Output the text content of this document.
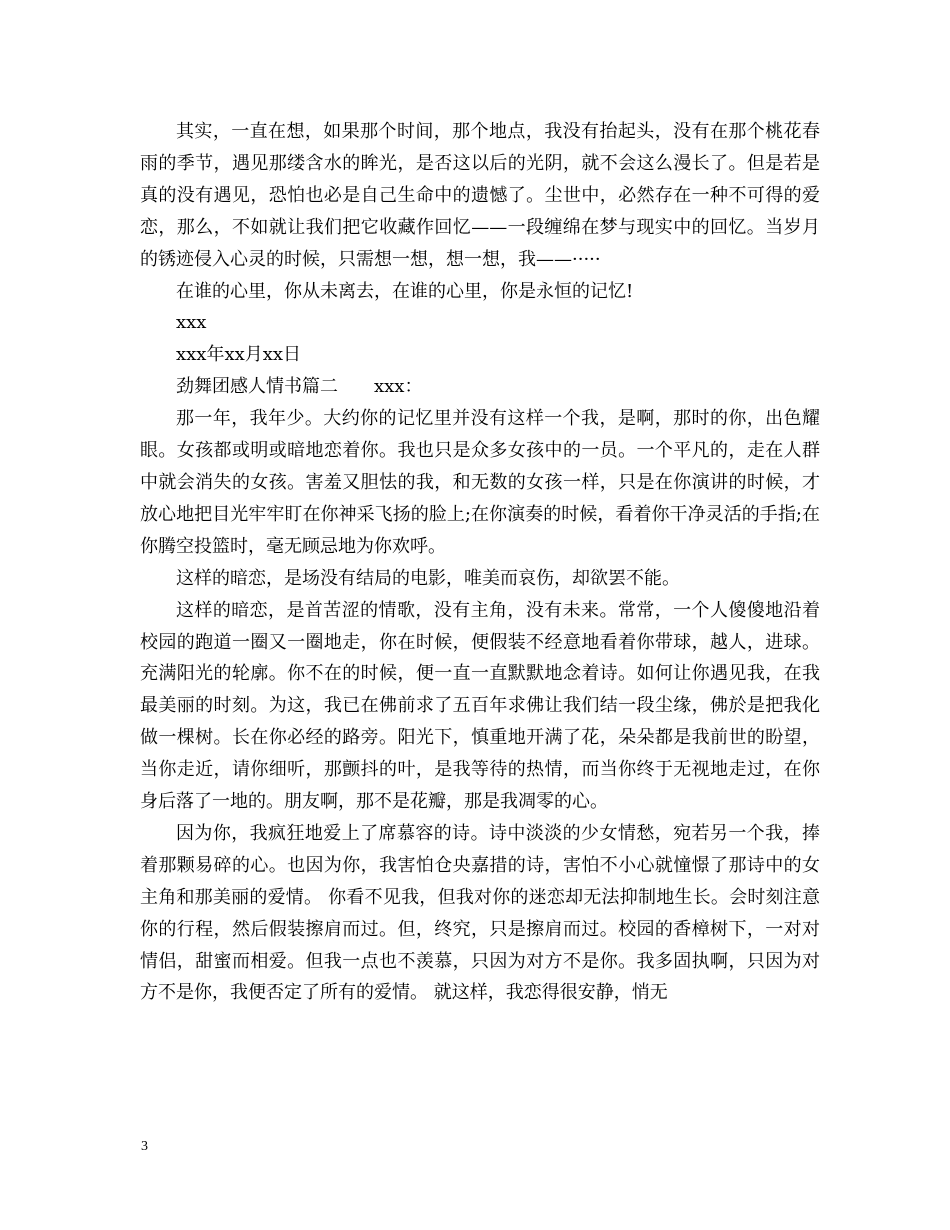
其实，一直在想，如果那个时间，那个地点，我没有抬起头，没有在那个桃花春雨的季节，遇见那缕含水的眸光，是否这以后的光阴，就不会这么漫长了。但是若是真的没有遇见，恐怕也必是自己生命中的遗憾了。尘世中，必然存在一种不可得的爱恋，那么，不如就让我们把它收藏作回忆——一段缠绵在梦与现实中的回忆。当岁月的锈迹侵入心灵的时候，只需想一想，想一想，我——·····

在谁的心里，你从未离去，在谁的心里，你是永恒的记忆!

xxx

xxx年xx月xx日

劲舞团感人情书篇二　　xxx：

那一年，我年少。大约你的记忆里并没有这样一个我，是啊，那时的你，出色耀眼。女孩都或明或暗地恋着你。我也只是众多女孩中的一员。一个平凡的，走在人群中就会消失的女孩。害羞又胆怯的我，和无数的女孩一样，只是在你演讲的时候，才放心地把目光牢牢盯在你神采飞扬的脸上;在你演奏的时候，看着你干净灵活的手指;在你腾空投篮时，毫无顾忌地为你欢呼。

这样的暗恋，是场没有结局的电影，唯美而哀伤，却欲罢不能。

这样的暗恋，是首苦涩的情歌，没有主角，没有未来。常常，一个人傻傻地沿着校园的跑道一圈又一圈地走，你在时候，便假装不经意地看着你带球，越人，进球。充满阳光的轮廓。你不在的时候，便一直一直默默地念着诗。如何让你遇见我，在我最美丽的时刻。为这，我已在佛前求了五百年求佛让我们结一段尘缘，佛於是把我化做一棵树。长在你必经的路旁。阳光下，慎重地开满了花，朵朵都是我前世的盼望，当你走近，请你细听，那颤抖的叶，是我等待的热情，而当你终于无视地走过，在你身后落了一地的。朋友啊，那不是花瓣，那是我凋零的心。

因为你，我疯狂地爱上了席慕容的诗。诗中淡淡的少女情愁，宛若另一个我，捧着那颗易碎的心。也因为你，我害怕仓央嘉措的诗，害怕不小心就憧憬了那诗中的女主角和那美丽的爱情。 你看不见我，但我对你的迷恋却无法抑制地生长。会时刻注意你的行程，然后假装擦肩而过。但，终究，只是擦肩而过。校园的香樟树下，一对对情侣，甜蜜而相爱。但我一点也不羡慕，只因为对方不是你。我多固执啊，只因为对方不是你，我便否定了所有的爱情。 就这样，我恋得很安静，悄无

3
